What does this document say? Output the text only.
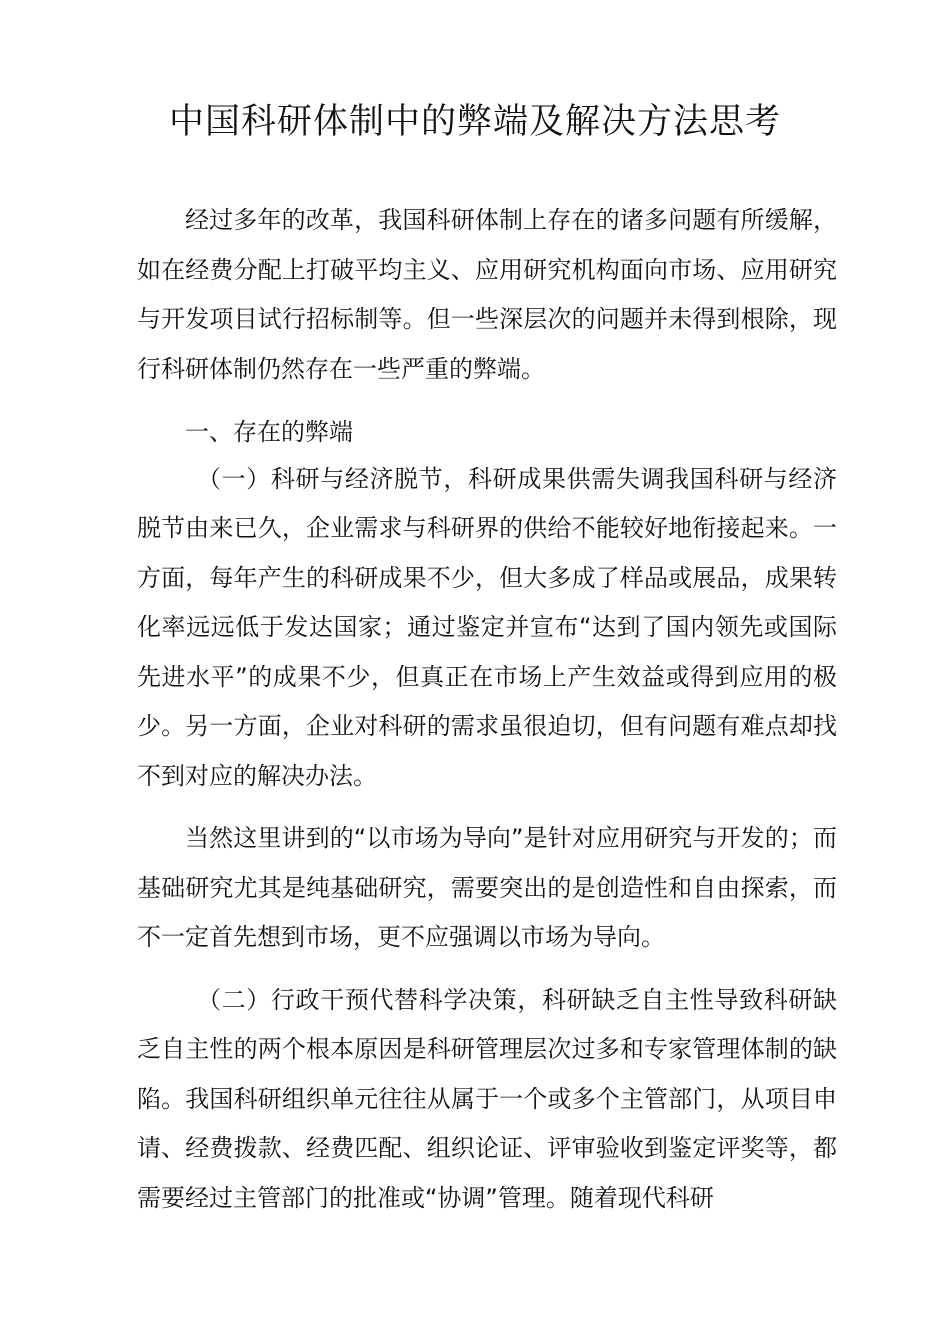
中国科研体制中的弊端及解决方法思考

经过多年的改革，我国科研体制上存在的诸多问题有所缓解，如在经费分配上打破平均主义、应用研究机构面向市场、应用研究与开发项目试行招标制等。但一些深层次的问题并未得到根除，现行科研体制仍然存在一些严重的弊端。

一、存在的弊端

（一）科研与经济脱节，科研成果供需失调我国科研与经济脱节由来已久，企业需求与科研界的供给不能较好地衔接起来。一方面，每年产生的科研成果不少，但大多成了样品或展品，成果转化率远远低于发达国家；通过鉴定并宣布“达到了国内领先或国际先进水平”的成果不少，但真正在市场上产生效益或得到应用的极少。另一方面，企业对科研的需求虽很迫切，但有问题有难点却找不到对应的解决办法。

当然这里讲到的“以市场为导向”是针对应用研究与开发的；而基础研究尤其是纯基础研究，需要突出的是创造性和自由探索，而不一定首先想到市场，更不应强调以市场为导向。

（二）行政干预代替科学决策，科研缺乏自主性导致科研缺乏自主性的两个根本原因是科研管理层次过多和专家管理体制的缺陷。我国科研组织单元往往从属于一个或多个主管部门，从项目申请、经费拨款、经费匹配、组织论证、评审验收到鉴定评奖等，都需要经过主管部门的批准或“协调”管理。随着现代科研
